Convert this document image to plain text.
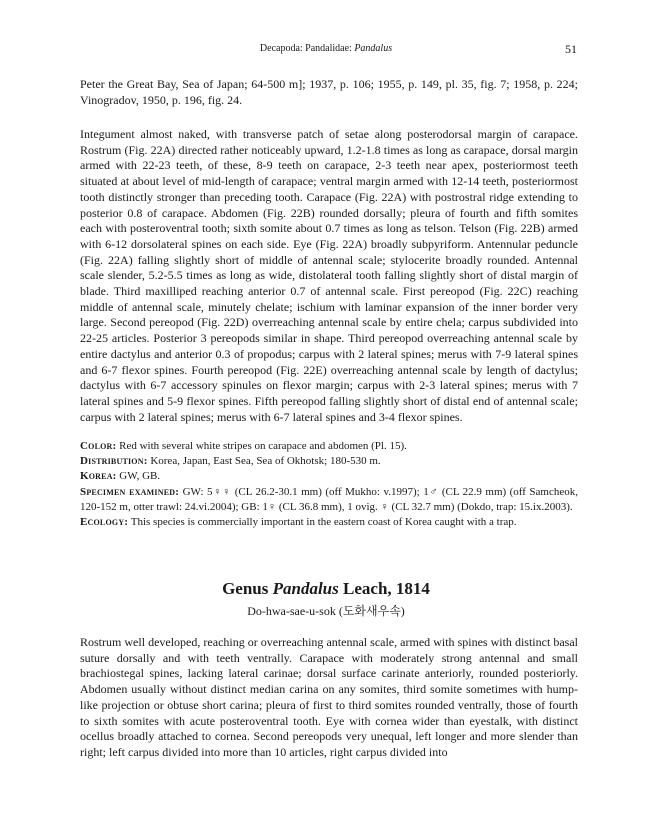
Decapoda: Pandalidae: Pandalus	51

Peter the Great Bay, Sea of Japan; 64-500 m]; 1937, p. 106; 1955, p. 149, pl. 35, fig. 7; 1958, p. 224; Vinogradov, 1950, p. 196, fig. 24.

Integument almost naked, with transverse patch of setae along posterodorsal margin of carapace. Rostrum (Fig. 22A) directed rather noticeably upward, 1.2-1.8 times as long as carapace, dorsal margin armed with 22-23 teeth, of these, 8-9 teeth on carapace, 2-3 teeth near apex, posteriormost teeth situated at about level of mid-length of carapace; ventral margin armed with 12-14 teeth, posteriormost tooth distinctly stronger than preceding tooth. Carapace (Fig. 22A) with postrostral ridge extending to posterior 0.8 of carapace. Abdomen (Fig. 22B) rounded dorsally; pleura of fourth and fifth somites each with posteroventral tooth; sixth somite about 0.7 times as long as telson. Telson (Fig. 22B) armed with 6-12 dorsolateral spines on each side. Eye (Fig. 22A) broadly subpyriform. Antennular peduncle (Fig. 22A) falling slightly short of middle of antennal scale; stylocerite broadly rounded. Antennal scale slender, 5.2-5.5 times as long as wide, distolateral tooth falling slightly short of distal margin of blade. Third maxilliped reaching anterior 0.7 of antennal scale. First pereopod (Fig. 22C) reaching middle of antennal scale, minutely chelate; ischium with laminar expansion of the inner border very large. Second pereopod (Fig. 22D) overreaching antennal scale by entire chela; carpus subdivided into 22-25 articles. Posterior 3 pereopods similar in shape. Third pereopod overreaching antennal scale by entire dactylus and anterior 0.3 of propodus; carpus with 2 lateral spines; merus with 7-9 lateral spines and 6-7 flexor spines. Fourth pereopod (Fig. 22E) overreaching antennal scale by length of dactylus; dactylus with 6-7 accessory spinules on flexor margin; carpus with 2-3 lateral spines; merus with 7 lateral spines and 5-9 flexor spines. Fifth pereopod falling slightly short of distal end of antennal scale; carpus with 2 lateral spines; merus with 6-7 lateral spines and 3-4 flexor spines.

Color: Red with several white stripes on carapace and abdomen (Pl. 15).

Distribution: Korea, Japan, East Sea, Sea of Okhotsk; 180-530 m.

Korea: GW, GB.

Specimen examined: GW: 5♀♀ (CL 26.2-30.1 mm) (off Mukho: v.1997); 1♂ (CL 22.9 mm) (off Samcheok, 120-152 m, otter trawl: 24.vi.2004); GB: 1♀ (CL 36.8 mm), 1 ovig. ♀ (CL 32.7 mm) (Dokdo, trap: 15.ix.2003).

Ecology: This species is commercially important in the eastern coast of Korea caught with a trap.

Genus Pandalus Leach, 1814
Do-hwa-sae-u-sok (도화새우속)

Rostrum well developed, reaching or overreaching antennal scale, armed with spines with distinct basal suture dorsally and with teeth ventrally. Carapace with moderately strong antennal and small brachiostegal spines, lacking lateral carinae; dorsal surface carinate anteriorly, rounded posteriorly. Abdomen usually without distinct median carina on any somites, third somite sometimes with hump-like projection or obtuse short carina; pleura of first to third somites rounded ventrally, those of fourth to sixth somites with acute posteroventral tooth. Eye with cornea wider than eyestalk, with distinct ocellus broadly attached to cornea. Second pereopods very unequal, left longer and more slender than right; left carpus divided into more than 10 articles, right carpus divided into
